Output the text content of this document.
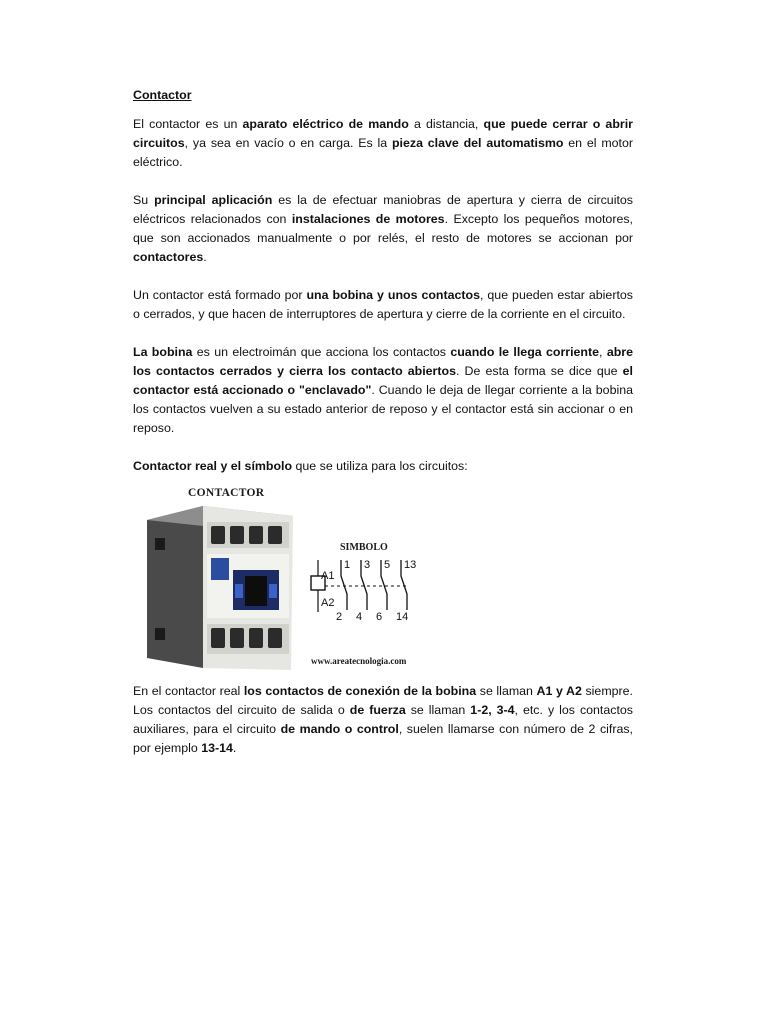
Contactor

El contactor es un aparato eléctrico de mando a distancia, que puede cerrar o abrir circuitos, ya sea en vacío o en carga. Es la pieza clave del automatismo en el motor eléctrico.

Su principal aplicación es la de efectuar maniobras de apertura y cierra de circuitos eléctricos relacionados con instalaciones de motores. Excepto los pequeños motores, que son accionados manualmente o por relés, el resto de motores se accionan por contactores.

Un contactor está formado por una bobina y unos contactos, que pueden estar abiertos o cerrados, y que hacen de interruptores de apertura y cierre de la corriente en el circuito.

La bobina es un electroimán que acciona los contactos cuando le llega corriente, abre los contactos cerrados y cierra los contacto abiertos. De esta forma se dice que el contactor está accionado o "enclavado". Cuando le deja de llegar corriente a la bobina los contactos vuelven a su estado anterior de reposo y el contactor está sin accionar o en reposo.

Contactor real y el símbolo que se utiliza para los circuitos:

CONTACTOR
SIMBOLO
A1
A2
1 3 5 13
2 4 6 14
www.areatecnologia.com

En el contactor real los contactos de conexión de la bobina se llaman A1 y A2 siempre. Los contactos del circuito de salida o de fuerza se llaman 1-2, 3-4, etc. y los contactos auxiliares, para el circuito de mando o control, suelen llamarse con número de 2 cifras, por ejemplo 13-14.
